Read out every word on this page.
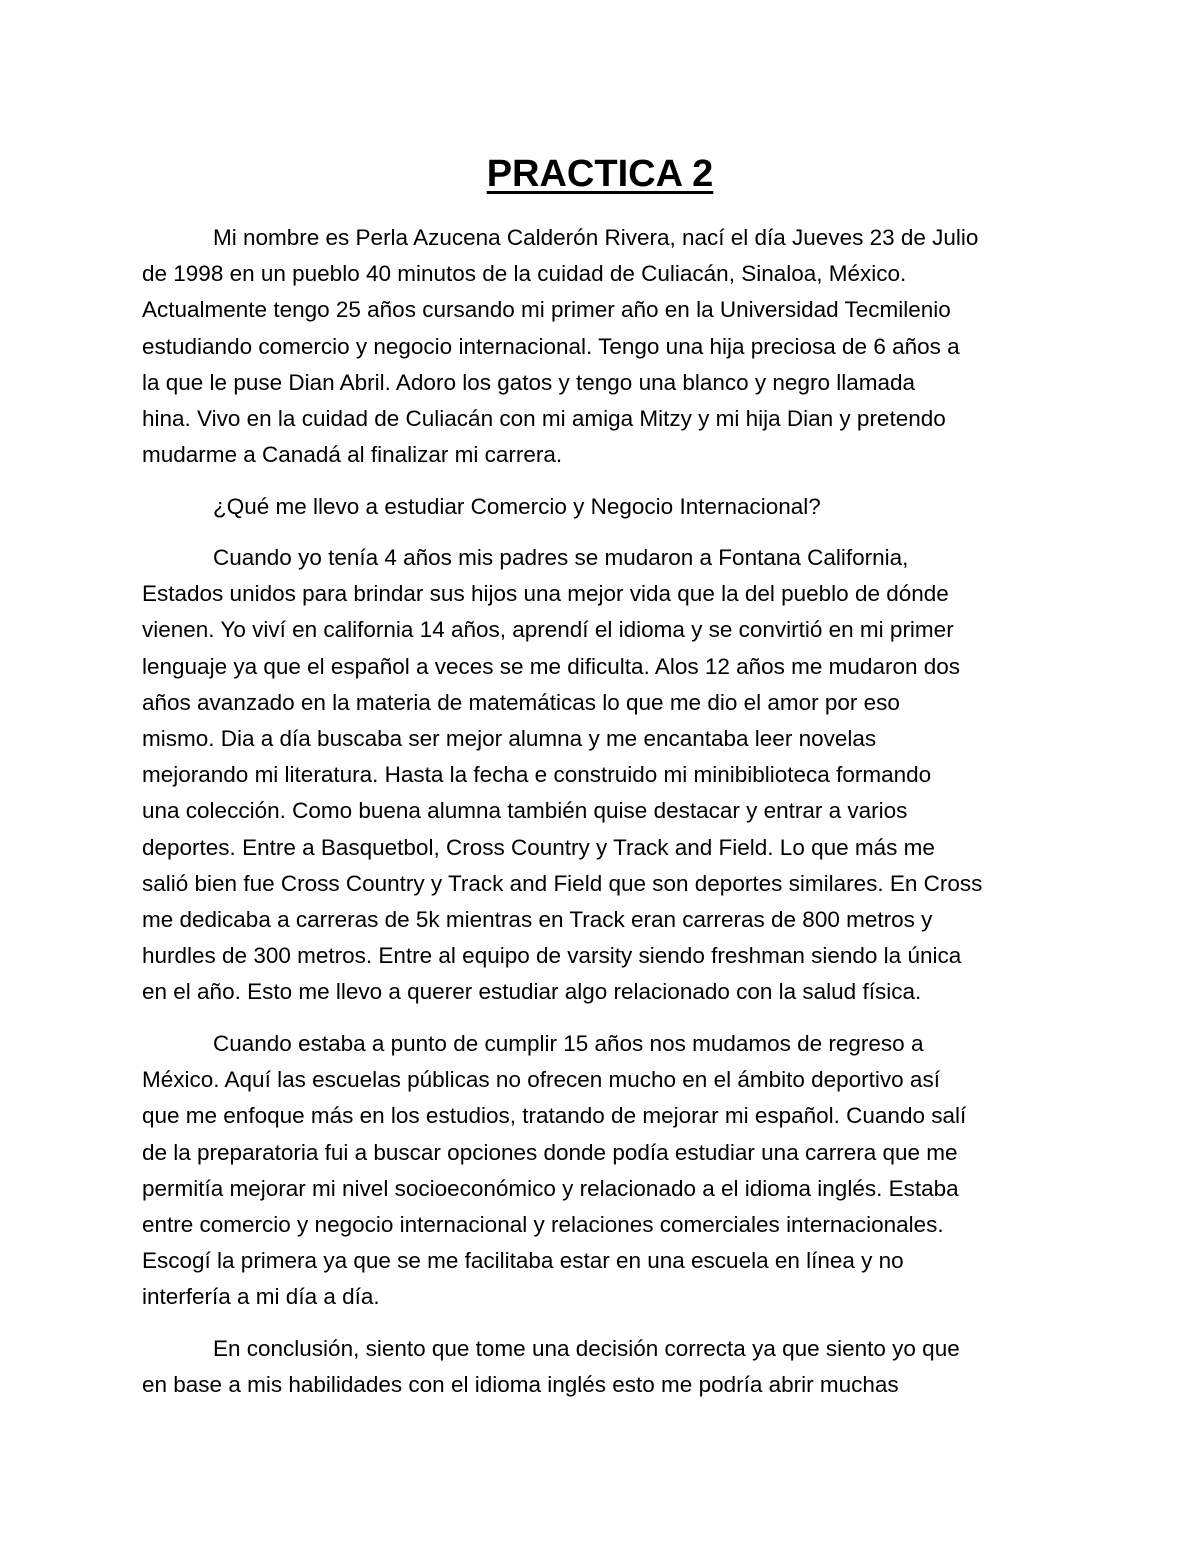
PRACTICA 2
Mi nombre es Perla Azucena Calderón Rivera, nací el día Jueves 23 de Julio
de 1998 en un pueblo 40 minutos de la cuidad de Culiacán, Sinaloa, México.
Actualmente tengo 25 años cursando mi primer año en la Universidad Tecmilenio
estudiando comercio y negocio internacional. Tengo una hija preciosa de 6 años a
la que le puse Dian Abril. Adoro los gatos y tengo una blanco y negro llamada
hina. Vivo en la cuidad de Culiacán con mi amiga Mitzy y mi hija Dian y pretendo
mudarme a Canadá al finalizar mi carrera.
¿Qué me llevo a estudiar Comercio y Negocio Internacional?
Cuando yo tenía 4 años mis padres se mudaron a Fontana California,
Estados unidos para brindar sus hijos una mejor vida que la del pueblo de dónde
vienen. Yo viví en california 14 años, aprendí el idioma y se convirtió en mi primer
lenguaje ya que el español a veces se me dificulta. Alos 12 años me mudaron dos
años avanzado en la materia de matemáticas lo que me dio el amor por eso
mismo. Dia a día buscaba ser mejor alumna y me encantaba leer novelas
mejorando mi literatura. Hasta la fecha e construido mi minibiblioteca formando
una colección. Como buena alumna también quise destacar y entrar a varios
deportes. Entre a Basquetbol, Cross Country y Track and Field. Lo que más me
salió bien fue Cross Country y Track and Field que son deportes similares. En Cross
me dedicaba a carreras de 5k mientras en Track eran carreras de 800 metros y
hurdles de 300 metros. Entre al equipo de varsity siendo freshman siendo la única
en el año. Esto me llevo a querer estudiar algo relacionado con la salud física.
Cuando estaba a punto de cumplir 15 años nos mudamos de regreso a
México. Aquí las escuelas públicas no ofrecen mucho en el ámbito deportivo así
que me enfoque más en los estudios, tratando de mejorar mi español. Cuando salí
de la preparatoria fui a buscar opciones donde podía estudiar una carrera que me
permitía mejorar mi nivel socioeconómico y relacionado a el idioma inglés. Estaba
entre comercio y negocio internacional y relaciones comerciales internacionales.
Escogí la primera ya que se me facilitaba estar en una escuela en línea y no
interfería a mi día a día.
En conclusión, siento que tome una decisión correcta ya que siento yo que
en base a mis habilidades con el idioma inglés esto me podría abrir muchas
